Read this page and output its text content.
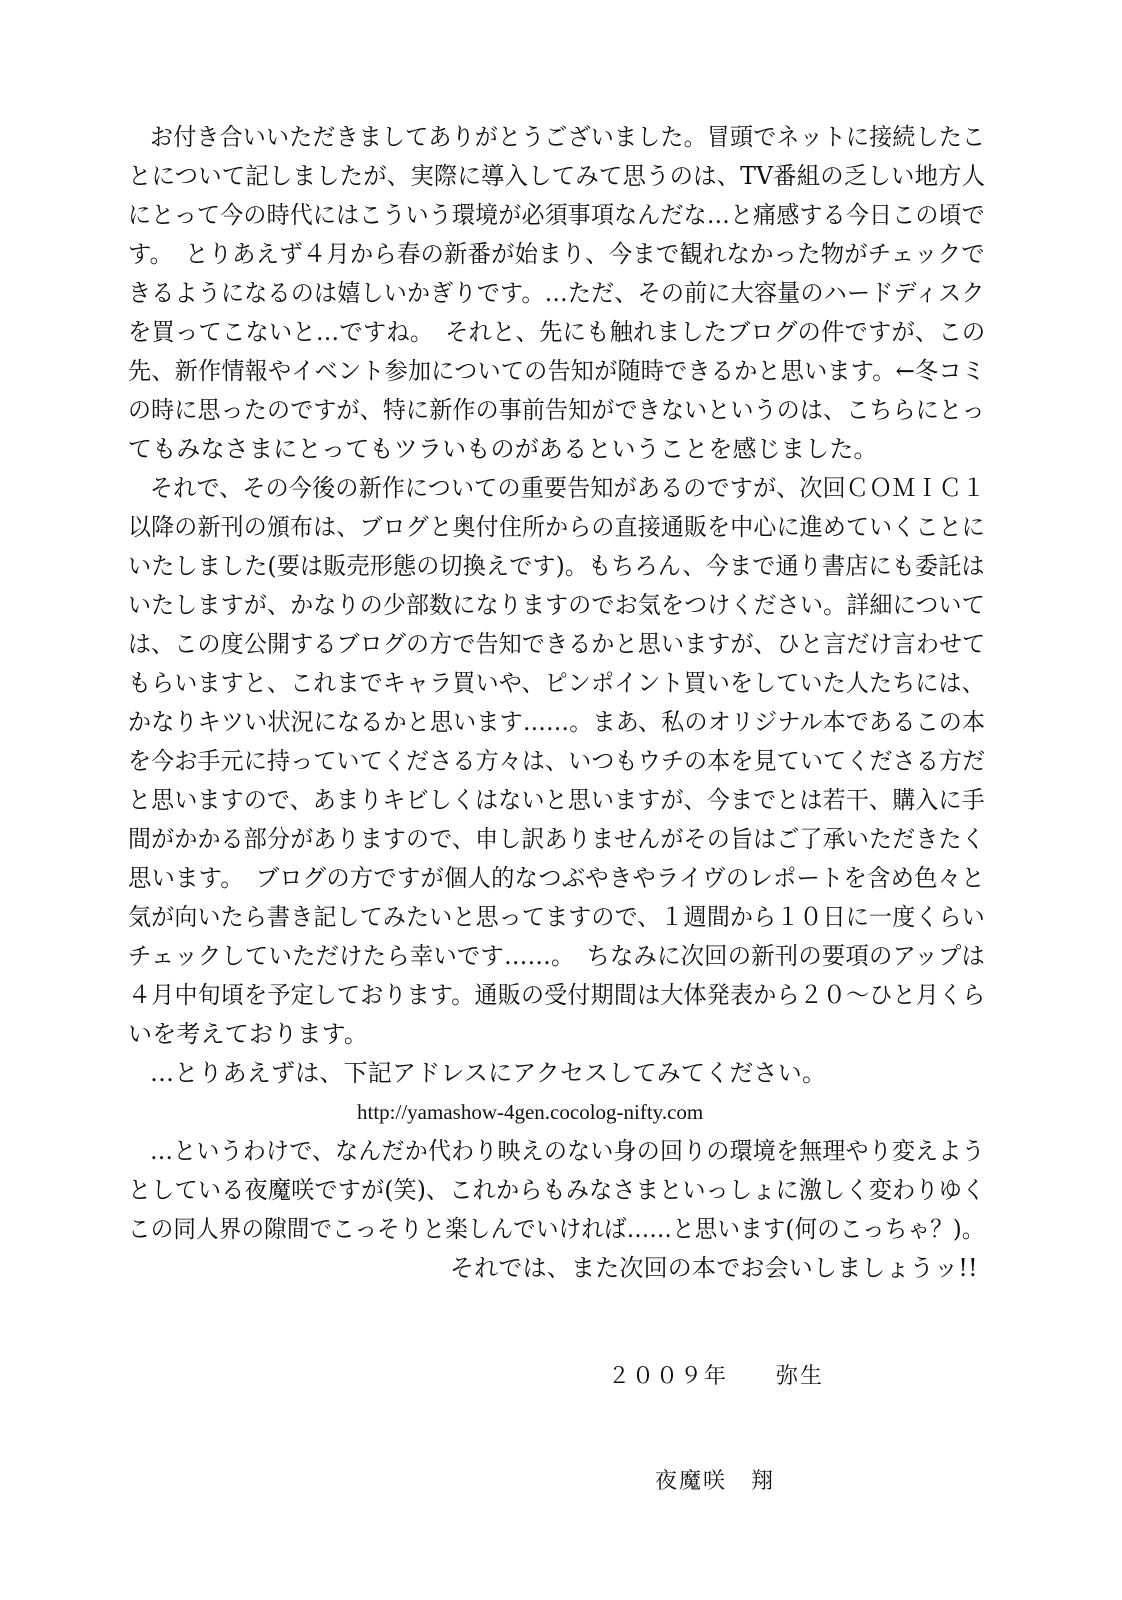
お付き合いいただきましてありがとうございました。冒頭でネットに接続したこ
とについて記しましたが、実際に導入してみて思うのは、TV番組の乏しい地方人
にとって今の時代にはこういう環境が必須事項なんだな…と痛感する今日この頃で
す。　とりあえず４月から春の新番が始まり、今まで観れなかった物がチェックで
きるようになるのは嬉しいかぎりです。…ただ、その前に大容量のハードディスク
を買ってこないと…ですね。　それと、先にも触れましたブログの件ですが、この
先、新作情報やイベント参加についての告知が随時できるかと思います。←冬コミ
の時に思ったのですが、特に新作の事前告知ができないというのは、こちらにとっ
てもみなさまにとってもツラいものがあるということを感じました。
それで、その今後の新作についての重要告知があるのですが、次回ＣＯＭＩＣ１
以降の新刊の頒布は、ブログと奥付住所からの直接通販を中心に進めていくことに
いたしました(要は販売形態の切換えです)。もちろん、今まで通り書店にも委託は
いたしますが、かなりの少部数になりますのでお気をつけください。詳細について
は、この度公開するブログの方で告知できるかと思いますが、ひと言だけ言わせて
もらいますと、これまでキャラ買いや、ピンポイント買いをしていた人たちには、
かなりキツい状況になるかと思います……。まあ、私のオリジナル本であるこの本
を今お手元に持っていてくださる方々は、いつもウチの本を見ていてくださる方だ
と思いますので、あまりキビしくはないと思いますが、今までとは若干、購入に手
間がかかる部分がありますので、申し訳ありませんがその旨はご了承いただきたく
思います。　ブログの方ですが個人的なつぶやきやライヴのレポートを含め色々と
気が向いたら書き記してみたいと思ってますので、１週間から１０日に一度くらい
チェックしていただけたら幸いです……。　ちなみに次回の新刊の要項のアップは
４月中旬頃を予定しております。通販の受付期間は大体発表から２０～ひと月くら
いを考えております。
…とりあえずは、下記アドレスにアクセスしてみてください。
http://yamashow-4gen.cocolog-nifty.com
…というわけで、なんだか代わり映えのない身の回りの環境を無理やり変えよう
としている夜魔咲ですが(笑)、これからもみなさまといっしょに激しく変わりゆく
この同人界の隙間でこっそりと楽しんでいければ……と思います(何のこっちゃ？)。
それでは、また次回の本でお会いしましょうッ!!
２００９年　　弥生
夜魔咲　翔
